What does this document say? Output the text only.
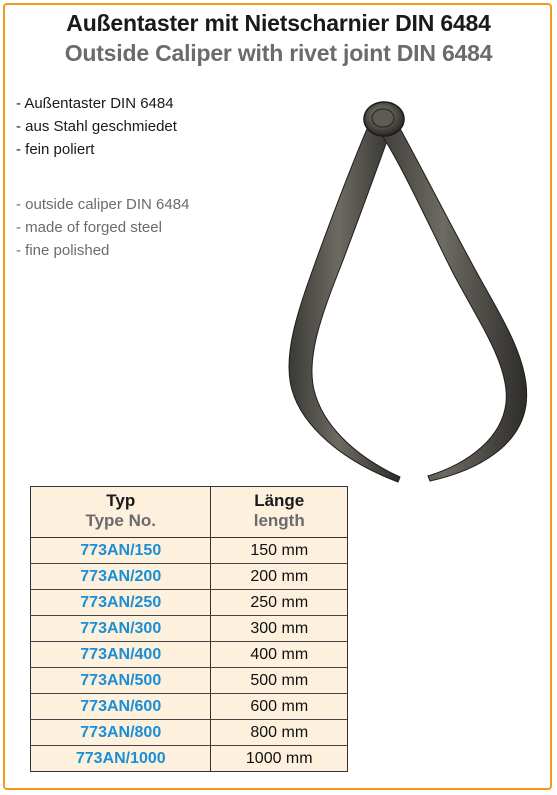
Außentaster mit Nietscharnier DIN 6484
Outside Caliper with rivet joint DIN 6484
- Außentaster DIN 6484
- aus Stahl geschmiedet
- fein poliert
- outside caliper DIN 6484
- made of forged steel
- fine polished
Typ	Länge
Type No.	length
773AN/150	150 mm
773AN/200	200 mm
773AN/250	250 mm
773AN/300	300 mm
773AN/400	400 mm
773AN/500	500 mm
773AN/600	600 mm
773AN/800	800 mm
773AN/1000	1000 mm
